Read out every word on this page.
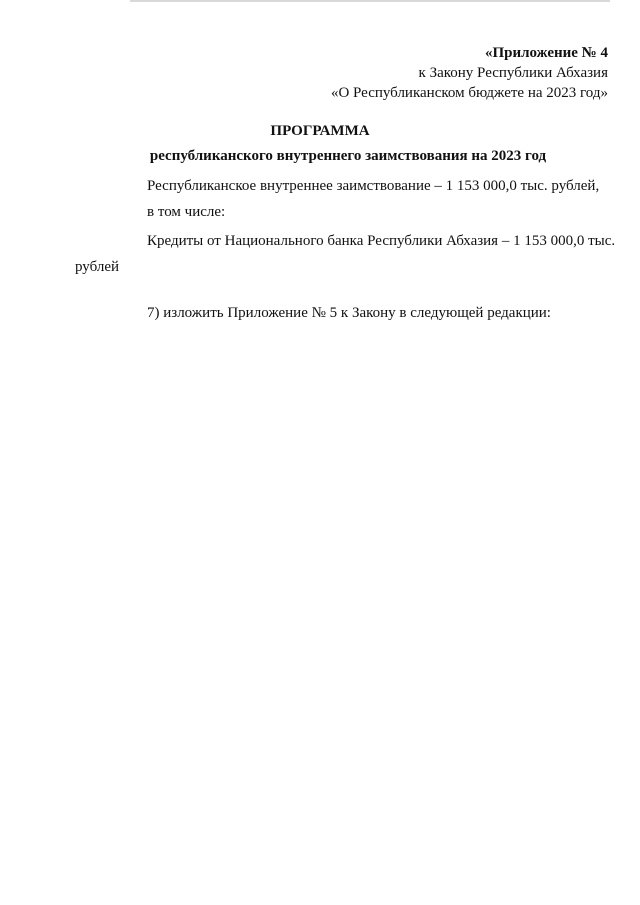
«Приложение № 4
к Закону Республики Абхазия
«О Республиканском бюджете на 2023 год»
ПРОГРАММА
республиканского внутреннего заимствования на 2023 год
Республиканское внутреннее заимствование – 1 153 000,0 тыс. рублей,
в том числе:
Кредиты от Национального банка Республики Абхазия – 1 153 000,0 тыс.
рублей
7) изложить Приложение № 5 к Закону в следующей редакции:
